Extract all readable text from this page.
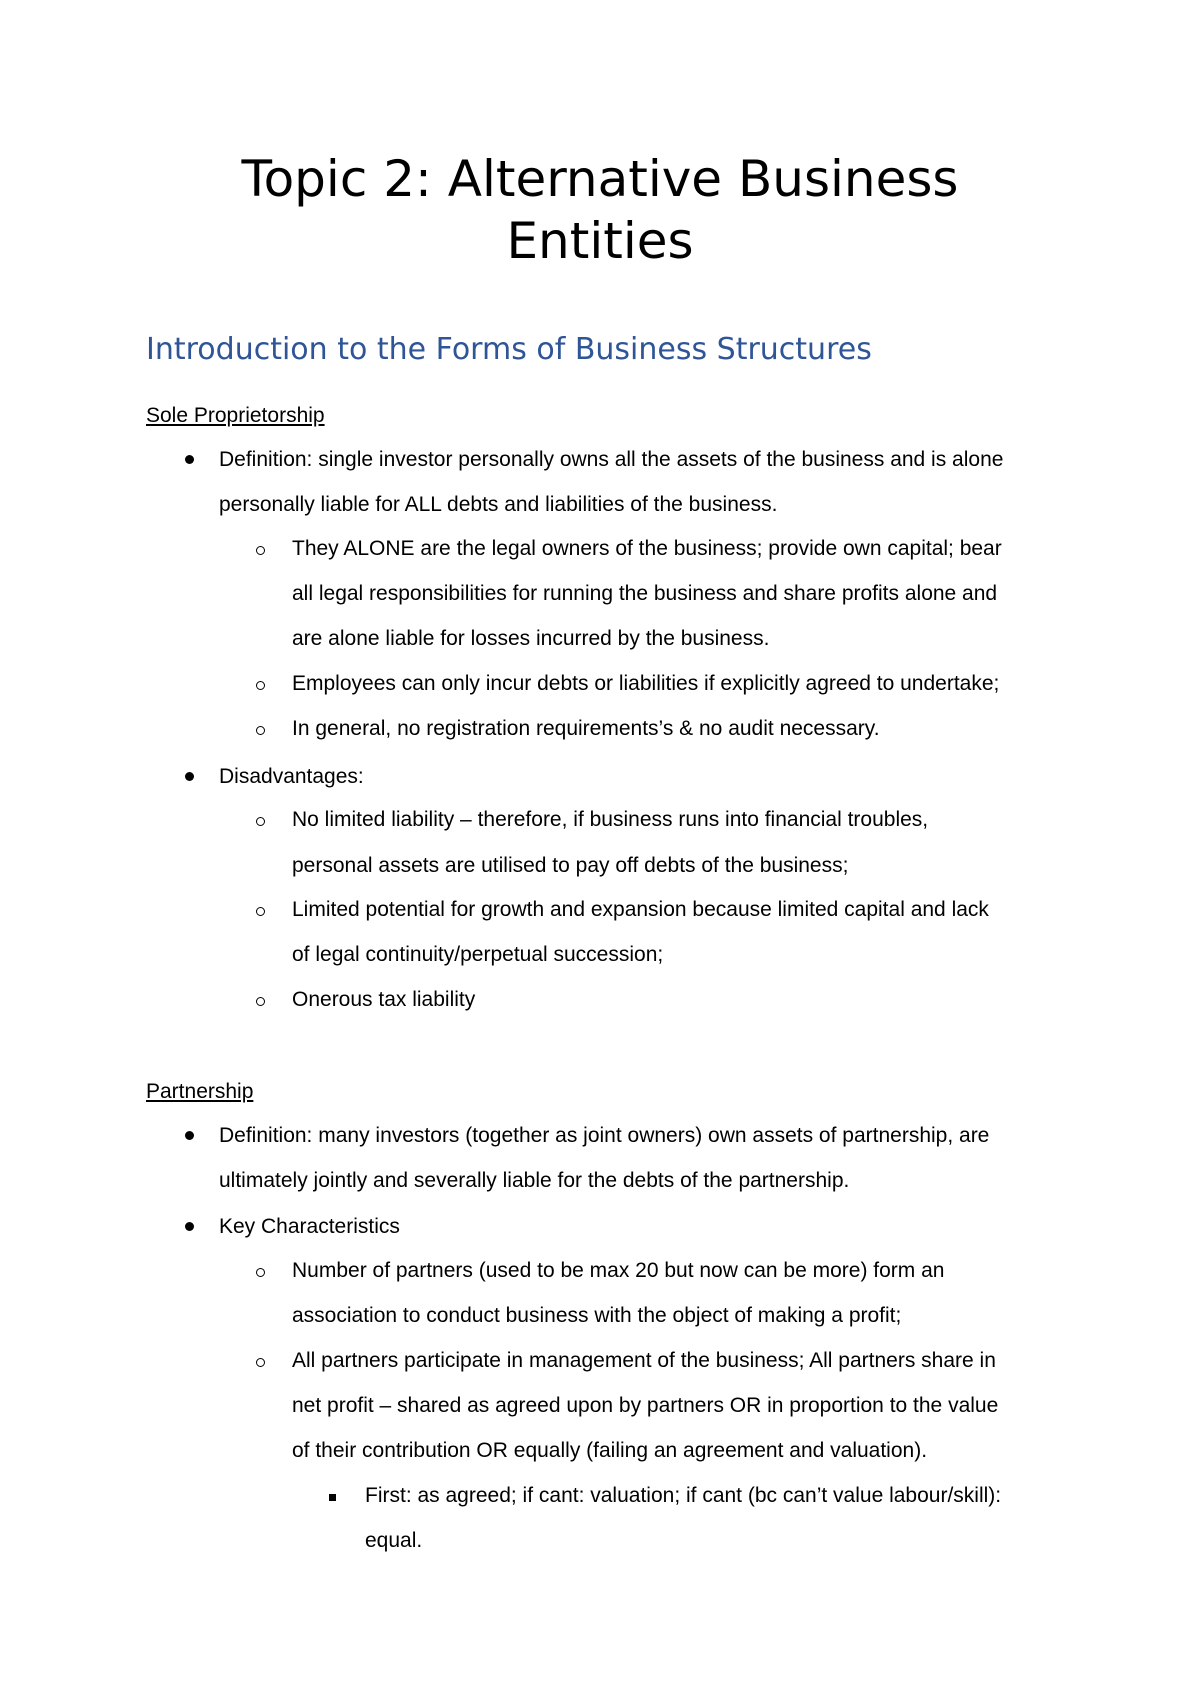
Topic 2: Alternative Business
Entities
Introduction to the Forms of Business Structures
Sole Proprietorship
Definition: single investor personally owns all the assets of the business and is alone
personally liable for ALL debts and liabilities of the business.
They ALONE are the legal owners of the business; provide own capital; bear
all legal responsibilities for running the business and share profits alone and
are alone liable for losses incurred by the business.
Employees can only incur debts or liabilities if explicitly agreed to undertake;
In general, no registration requirements’s & no audit necessary.
Disadvantages:
No limited liability – therefore, if business runs into financial troubles,
personal assets are utilised to pay off debts of the business;
Limited potential for growth and expansion because limited capital and lack
of legal continuity/perpetual succession;
Onerous tax liability
Partnership
Definition: many investors (together as joint owners) own assets of partnership, are
ultimately jointly and severally liable for the debts of the partnership.
Key Characteristics
Number of partners (used to be max 20 but now can be more) form an
association to conduct business with the object of making a profit;
All partners participate in management of the business; All partners share in
net profit – shared as agreed upon by partners OR in proportion to the value
of their contribution OR equally (failing an agreement and valuation).
First: as agreed; if cant: valuation; if cant (bc can’t value labour/skill):
equal.
